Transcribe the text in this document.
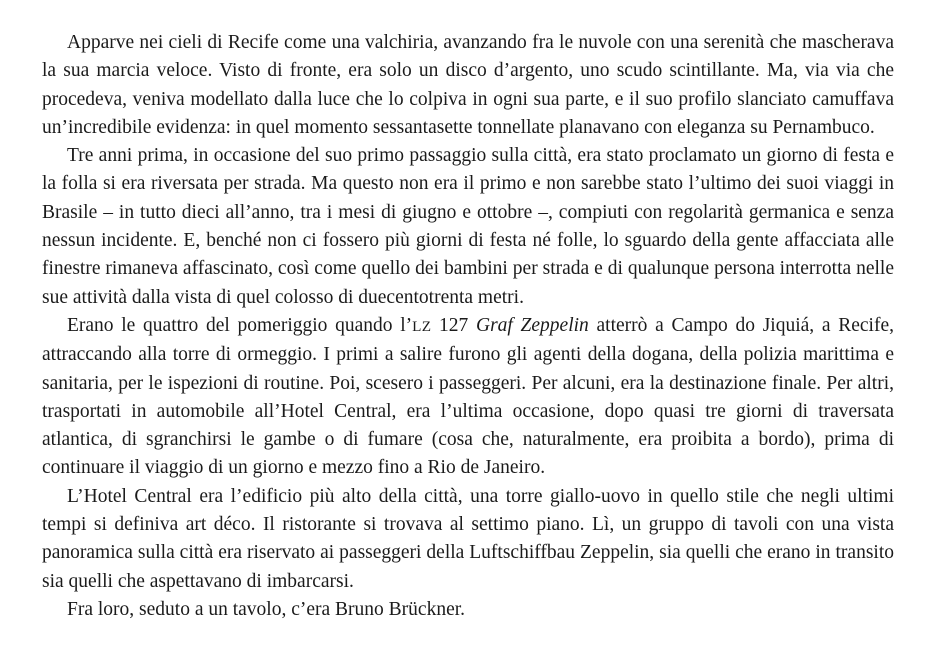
Apparve nei cieli di Recife come una valchiria, avanzando fra le nuvole con una serenità che mascherava la sua marcia veloce. Visto di fronte, era solo un disco d’argento, uno scudo scintillante. Ma, via via che procedeva, veniva modellato dalla luce che lo colpiva in ogni sua parte, e il suo profilo slanciato camuffava un’incredibile evidenza: in quel momento sessantasette tonnellate planavano con eleganza su Pernambuco.

Tre anni prima, in occasione del suo primo passaggio sulla città, era stato proclamato un giorno di festa e la folla si era riversata per strada. Ma questo non era il primo e non sarebbe stato l’ultimo dei suoi viaggi in Brasile – in tutto dieci all’anno, tra i mesi di giugno e ottobre –, compiuti con regolarità germanica e senza nessun incidente. E, benché non ci fossero più giorni di festa né folle, lo sguardo della gente affacciata alle finestre rimaneva affascinato, così come quello dei bambini per strada e di qualunque persona interrotta nelle sue attività dalla vista di quel colosso di duecentotrenta metri.

Erano le quattro del pomeriggio quando l’LZ 127 Graf Zeppelin atterrò a Campo do Jiquiá, a Recife, attraccando alla torre di ormeggio. I primi a salire furono gli agenti della dogana, della polizia marittima e sanitaria, per le ispezioni di routine. Poi, scesero i passeggeri. Per alcuni, era la destinazione finale. Per altri, trasportati in automobile all’Hotel Central, era l’ultima occasione, dopo quasi tre giorni di traversata atlantica, di sgranchirsi le gambe o di fumare (cosa che, naturalmente, era proibita a bordo), prima di continuare il viaggio di un giorno e mezzo fino a Rio de Janeiro.

L’Hotel Central era l’edificio più alto della città, una torre giallo-uovo in quello stile che negli ultimi tempi si definiva art déco. Il ristorante si trovava al settimo piano. Lì, un gruppo di tavoli con una vista panoramica sulla città era riservato ai passeggeri della Luftschiffbau Zeppelin, sia quelli che erano in transito sia quelli che aspettavano di imbarcarsi.

Fra loro, seduto a un tavolo, c’era Bruno Brückner.
